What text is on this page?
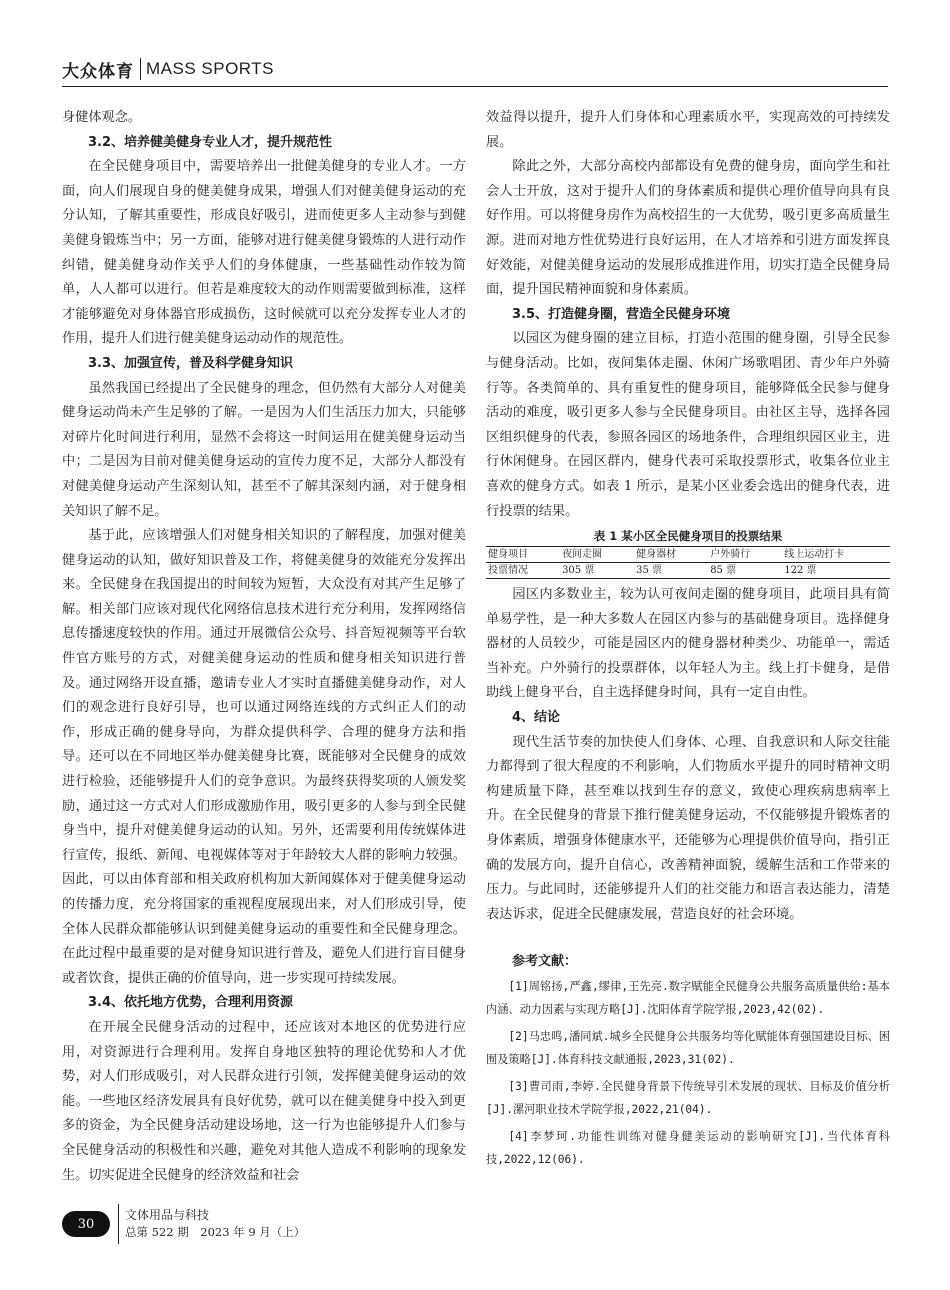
大众体育 MASS SPORTS

身健体观念。

3.2、培养健美健身专业人才，提升规范性

在全民健身项目中，需要培养出一批健美健身的专业人才。一方面，向人们展现自身的健美健身成果，增强人们对健美健身运动的充分认知，了解其重要性，形成良好吸引，进而使更多人主动参与到健美健身锻炼当中；另一方面，能够对进行健美健身锻炼的人进行动作纠错，健美健身动作关乎人们的身体健康，一些基础性动作较为简单，人人都可以进行。但若是难度较大的动作则需要做到标准，这样才能够避免对身体器官形成损伤，这时候就可以充分发挥专业人才的作用，提升人们进行健美健身运动动作的规范性。

3.3、加强宣传，普及科学健身知识

虽然我国已经提出了全民健身的理念，但仍然有大部分人对健美健身运动尚未产生足够的了解。一是因为人们生活压力加大，只能够对碎片化时间进行利用，显然不会将这一时间运用在健美健身运动当中；二是因为目前对健美健身运动的宣传力度不足，大部分人都没有对健美健身运动产生深刻认知，甚至不了解其深刻内涵，对于健身相关知识了解不足。

基于此，应该增强人们对健身相关知识的了解程度，加强对健美健身运动的认知，做好知识普及工作，将健美健身的效能充分发挥出来。全民健身在我国提出的时间较为短暂，大众没有对其产生足够了解。相关部门应该对现代化网络信息技术进行充分利用，发挥网络信息传播速度较快的作用。通过开展微信公众号、抖音短视频等平台软件官方账号的方式，对健美健身运动的性质和健身相关知识进行普及。通过网络开设直播，邀请专业人才实时直播健美健身动作，对人们的观念进行良好引导，也可以通过网络连线的方式纠正人们的动作，形成正确的健身导向，为群众提供科学、合理的健身方法和指导。还可以在不同地区举办健美健身比赛，既能够对全民健身的成效进行检验，还能够提升人们的竞争意识。为最终获得奖项的人颁发奖励，通过这一方式对人们形成激励作用，吸引更多的人参与到全民健身当中，提升对健美健身运动的认知。另外，还需要利用传统媒体进行宣传，报纸、新闻、电视媒体等对于年龄较大人群的影响力较强。因此，可以由体育部和相关政府机构加大新闻媒体对于健美健身运动的传播力度，充分将国家的重视程度展现出来，对人们形成引导，使全体人民群众都能够认识到健美健身运动的重要性和全民健身理念。在此过程中最重要的是对健身知识进行普及，避免人们进行盲目健身或者饮食，提供正确的价值导向，进一步实现可持续发展。

3.4、依托地方优势，合理利用资源

在开展全民健身活动的过程中，还应该对本地区的优势进行应用，对资源进行合理利用。发挥自身地区独特的理论优势和人才优势，对人们形成吸引，对人民群众进行引领，发挥健美健身运动的效能。一些地区经济发展具有良好优势，就可以在健美健身中投入到更多的资金，为全民健身活动建设场地，这一行为也能够提升人们参与全民健身活动的积极性和兴趣，避免对其他人造成不利影响的现象发生。切实促进全民健身的经济效益和社会

效益得以提升，提升人们身体和心理素质水平，实现高效的可持续发展。

除此之外，大部分高校内部都设有免费的健身房，面向学生和社会人士开放，这对于提升人们的身体素质和提供心理价值导向具有良好作用。可以将健身房作为高校招生的一大优势，吸引更多高质量生源。进而对地方性优势进行良好运用，在人才培养和引进方面发挥良好效能，对健美健身运动的发展形成推进作用，切实打造全民健身局面，提升国民精神面貌和身体素质。

3.5、打造健身圈，营造全民健身环境

以园区为健身圈的建立目标，打造小范围的健身圈，引导全民参与健身活动。比如，夜间集体走圈、休闲广场歌唱团、青少年户外骑行等。各类简单的、具有重复性的健身项目，能够降低全民参与健身活动的难度，吸引更多人参与全民健身项目。由社区主导，选择各园区组织健身的代表，参照各园区的场地条件，合理组织园区业主，进行休闲健身。在园区群内，健身代表可采取投票形式，收集各位业主喜欢的健身方式。如表 1 所示，是某小区业委会选出的健身代表，进行投票的结果。

表 1 某小区全民健身项目的投票结果
健身项目	夜间走圈	健身器材	户外骑行	线上运动打卡
投票情况	305 票	35 票	85 票	122 票

园区内多数业主，较为认可夜间走圈的健身项目，此项目具有简单易学性，是一种大多数人在园区内参与的基础健身项目。选择健身器材的人员较少，可能是园区内的健身器材种类少、功能单一，需适当补充。户外骑行的投票群体，以年轻人为主。线上打卡健身，是借助线上健身平台，自主选择健身时间，具有一定自由性。

4、结论

现代生活节奏的加快使人们身体、心理、自我意识和人际交往能力都得到了很大程度的不利影响，人们物质水平提升的同时精神文明构建质量下降，甚至难以找到生存的意义，致使心理疾病患病率上升。在全民健身的背景下推行健美健身运动，不仅能够提升锻炼者的身体素质，增强身体健康水平，还能够为心理提供价值导向，指引正确的发展方向，提升自信心，改善精神面貌，缓解生活和工作带来的压力。与此同时，还能够提升人们的社交能力和语言表达能力，清楚表达诉求，促进全民健康发展，营造良好的社会环境。

参考文献：
[1]周铭扬,严鑫,缪律,王先亮.数字赋能全民健身公共服务高质量供给:基本内涵、动力因素与实现方略[J].沈阳体育学院学报,2023,42(02).
[2]马忠鸣,潘同斌.城乡全民健身公共服务均等化赋能体育强国建设目标、困囿及策略[J].体育科技文献通报,2023,31(02).
[3]曹司雨,李婷.全民健身背景下传统导引术发展的现状、目标及价值分析[J].漯河职业技术学院学报,2022,21(04).
[4]李梦珂.功能性训练对健身健美运动的影响研究[J].当代体育科技,2022,12(06).
30
文体用品与科技
总第 522 期　2023 年 9 月（上）
